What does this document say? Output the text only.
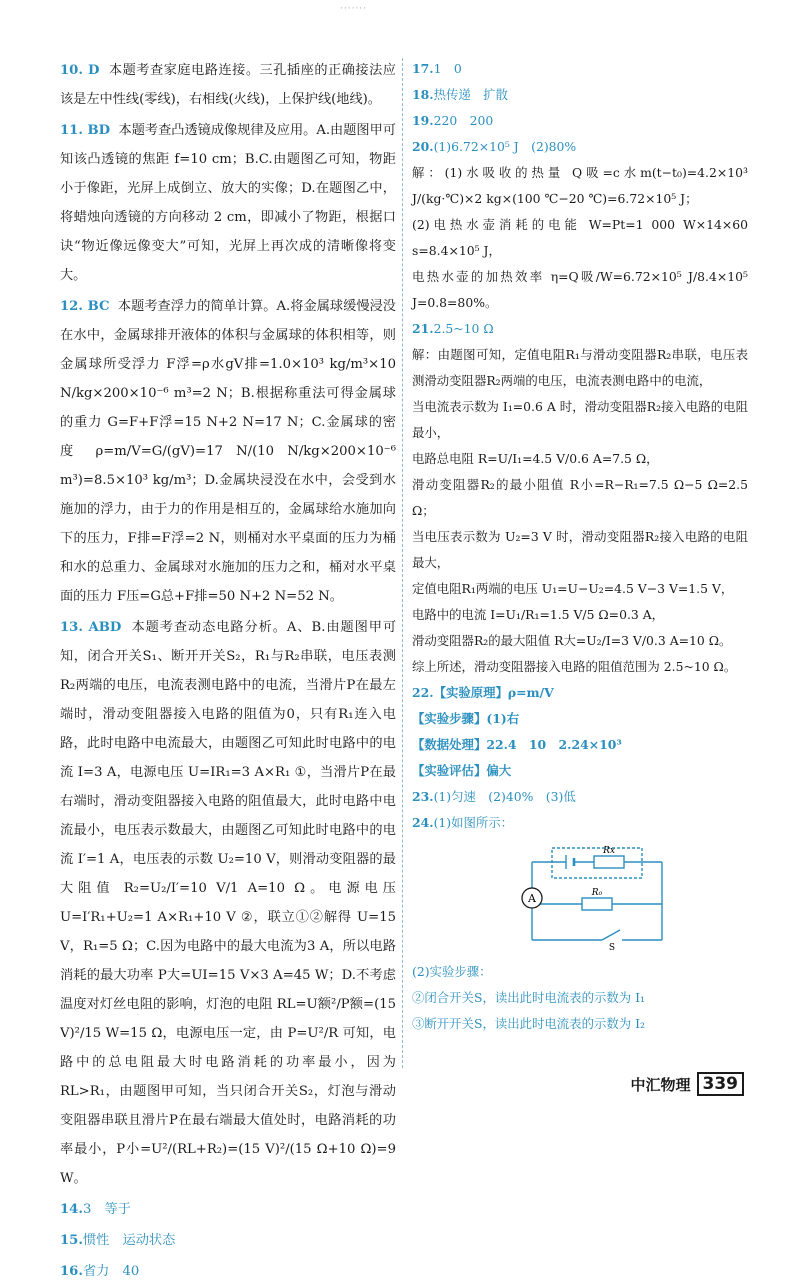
·······

10. D 本题考查家庭电路连接。三孔插座的正确接法应该是左中性线(零线)，右相线(火线)，上保护线(地线)。

11. BD 本题考查凸透镜成像规律及应用。A.由题图甲可知该凸透镜的焦距 f=10 cm；B.C.由题图乙可知，物距小于像距，光屏上成倒立、放大的实像；D.在题图乙中，将蜡烛向透镜的方向移动 2 cm，即减小了物距，根据口诀“物近像远像变大”可知，光屏上再次成的清晰像将变大。

12. BC 本题考查浮力的简单计算。A.将金属球缓慢浸没在水中，金属球排开液体的体积与金属球的体积相等，则金属球所受浮力 F浮=ρ水gV排=1.0×10³ kg/m³×10 N/kg×200×10⁻⁶ m³=2 N；B.根据称重法可得金属球的重力 G=F+F浮=15 N+2 N=17 N；C.金属球的密度 ρ=m/V=G/(gV)=17 N/(10 N/kg×200×10⁻⁶ m³)=8.5×10³ kg/m³；D.金属块浸没在水中，会受到水施加的浮力，由于力的作用是相互的，金属球给水施加向下的压力，F排=F浮=2 N，则桶对水平桌面的压力为桶和水的总重力、金属球对水施加的压力之和，桶对水平桌面的压力 F压=G总+F排=50 N+2 N=52 N。

13. ABD 本题考查动态电路分析。A、B.由题图甲可知，闭合开关S₁、断开开关S₂，R₁与R₂串联，电压表测R₂两端的电压，电流表测电路中的电流，当滑片P在最左端时，滑动变阻器接入电路的阻值为0，只有R₁连入电路，此时电路中电流最大，由题图乙可知此时电路中的电流 I=3 A，电源电压 U=IR₁=3 A×R₁ ①，当滑片P在最右端时，滑动变阻器接入电路的阻值最大，此时电路中电流最小，电压表示数最大，由题图乙可知此时电路中的电流 I′=1 A，电压表的示数 U₂=10 V，则滑动变阻器的最大阻值 R₂=U₂/I′=10 V/1 A=10 Ω。电源电压 U=I′R₁+U₂=1 A×R₁+10 V ②，联立①②解得 U=15 V，R₁=5 Ω；C.因为电路中的最大电流为3 A，所以电路消耗的最大功率 P大=UI=15 V×3 A=45 W；D.不考虑温度对灯丝电阻的影响，灯泡的电阻 RL=U额²/P额=(15 V)²/15 W=15 Ω，电源电压一定，由 P=U²/R 可知，电路中的总电阻最大时电路消耗的功率最小，因为 RL>R₁，由题图甲可知，当只闭合开关S₂，灯泡与滑动变阻器串联且滑片P在最右端最大值处时，电路消耗的功率最小，P小=U²/(RL+R₂)=(15 V)²/(15 Ω+10 Ω)=9 W。

14.3　等于

15.惯性　运动状态

16.省力　40

17.1　0

18.热传递　扩散

19.220　200

20.(1)6.72×10⁵ J　(2)80%

解：(1)水吸收的热量 Q吸=c水m(t−t₀)=4.2×10³ J/(kg·℃)×2 kg×(100 ℃−20 ℃)=6.72×10⁵ J；

(2)电热水壶消耗的电能 W=Pt=1 000 W×14×60 s=8.4×10⁵ J，

电热水壶的加热效率 η=Q吸/W=6.72×10⁵ J/8.4×10⁵ J=0.8=80%。

21.2.5~10 Ω

解：由题图可知，定值电阻R₁与滑动变阻器R₂串联，电压表测滑动变阻器R₂两端的电压，电流表测电路中的电流，

当电流表示数为 I₁=0.6 A 时，滑动变阻器R₂接入电路的电阻最小，

电路总电阻 R=U/I₁=4.5 V/0.6 A=7.5 Ω，

滑动变阻器R₂的最小阻值 R小=R−R₁=7.5 Ω−5 Ω=2.5 Ω；

当电压表示数为 U₂=3 V 时，滑动变阻器R₂接入电路的电阻最大，

定值电阻R₁两端的电压 U₁=U−U₂=4.5 V−3 V=1.5 V，

电路中的电流 I=U₁/R₁=1.5 V/5 Ω=0.3 A，

滑动变阻器R₂的最大阻值 R大=U₂/I=3 V/0.3 A=10 Ω。

综上所述，滑动变阻器接入电路的阻值范围为 2.5~10 Ω。

22.【实验原理】ρ=m/V

【实验步骤】(1)右

【数据处理】22.4　10　2.24×10³

【实验评估】偏大

23.(1)匀速　(2)40%　(3)低

24.(1)如图所示：

A
Rx
R₀
S

(2)实验步骤：

②闭合开关S，读出此时电流表的示数为 I₁

③断开开关S，读出此时电流表的示数为 I₂

中汇物理 339
